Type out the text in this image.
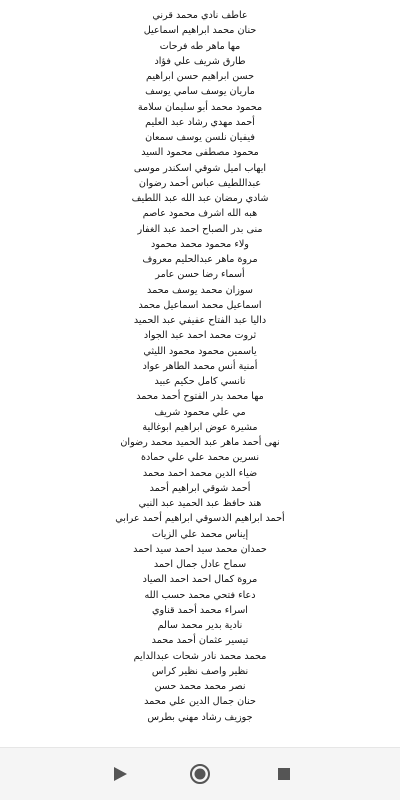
عاطف نادي محمد قرني
حنان محمد ابراهيم اسماعيل
مها ماهر طه فرحات
طارق شريف علي فؤاد
حسن ابراهيم حسن ابراهيم
ماريان يوسف سامي يوسف
محمود محمد أبو سليمان سلامة
أحمد مهدي رشاد عبد العليم
فيفيان نلسن يوسف سمعان
محمود مصطفى محمود السيد
ايهاب اميل شوقي اسكندر موسى
عبداللطيف عباس أحمد رضوان
شادي رمضان عبد الله عبد اللطيف
هبه الله اشرف محمود عاصم
منى بدر الصباح احمد عبد الغفار
ولاء محمود محمد محمود
مروة ماهر عبدالحليم معروف
أسماء رضا حسن عامر
سوزان محمد يوسف محمد
اسماعيل محمد اسماعيل محمد
داليا عبد الفتاح عفيفي عبد الحميد
ثروت محمد احمد عبد الجواد
ياسمين محمود محمود الليثي
أمنية أنس محمد الطاهر عواد
نانسي كامل حكيم عبيد
مها محمد بدر الفتوح أحمد محمد
مي علي محمود شريف
مشيرة عوض ابراهيم ابوغالية
نهى أحمد ماهر عبد الحميد محمد رضوان
نسرين محمد علي علي حمادة
ضياء الدين محمد احمد محمد
أحمد شوقي ابراهيم أحمد
هند حافظ عبد الحميد عبد النبي
أحمد ابراهيم الدسوقي ابراهيم أحمد عرابي
إيناس محمد علي الزيات
حمدان محمد سيد احمد سيد احمد
سماح عادل جمال احمد
مروة كمال احمد احمد الصياد
دعاء فتحي محمد حسب الله
اسراء محمد أحمد قناوي
نادية بدير محمد سالم
تيسير عثمان أحمد محمد
محمد محمد نادر شحات عبدالدايم
نظير واصف نظير كراس
نصر محمد محمد حسن
حنان جمال الدين علي محمد
جوزيف رشاد مهني بطرس
